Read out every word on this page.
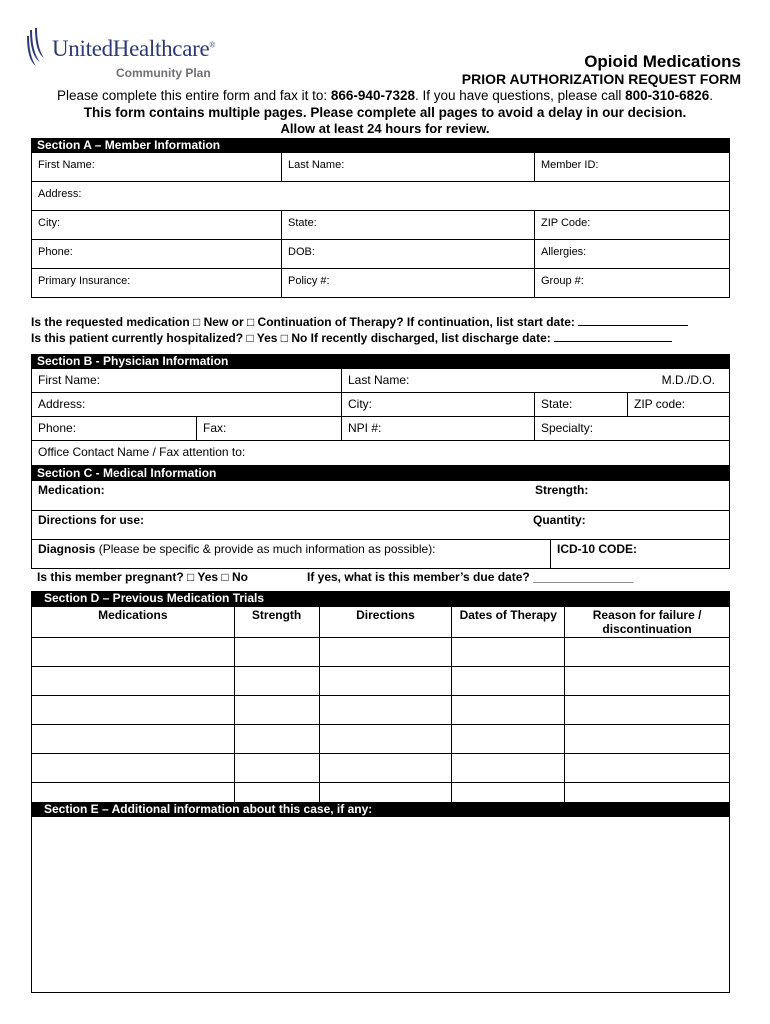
UnitedHealthcare®
Community Plan
Opioid Medications
PRIOR AUTHORIZATION REQUEST FORM
Please complete this entire form and fax it to: 866-940-7328. If you have questions, please call 800-310-6826.
This form contains multiple pages. Please complete all pages to avoid a delay in our decision.
Allow at least 24 hours for review.
Section A – Member Information
First Name:	Last Name:	Member ID:
Address:
City:	State:	ZIP Code:
Phone:	DOB:	Allergies:
Primary Insurance:	Policy #:	Group #:
Is the requested medication □ New or □ Continuation of Therapy? If continuation, list start date:
Is this patient currently hospitalized? □ Yes □ No If recently discharged, list discharge date:
Section B - Physician Information
First Name:	Last Name:	M.D./D.O.
Address:	City:	State:	ZIP code:
Phone:	Fax:	NPI #:	Specialty:
Office Contact Name / Fax attention to:
Section C - Medical Information
Medication:	Strength:
Directions for use:	Quantity:
Diagnosis (Please be specific & provide as much information as possible):	ICD-10 CODE:
Is this member pregnant? □ Yes □ No	If yes, what is this member’s due date? _______________
Section D – Previous Medication Trials
Medications	Strength	Directions	Dates of Therapy	Reason for failure / discontinuation

Section E – Additional information about this case, if any:
